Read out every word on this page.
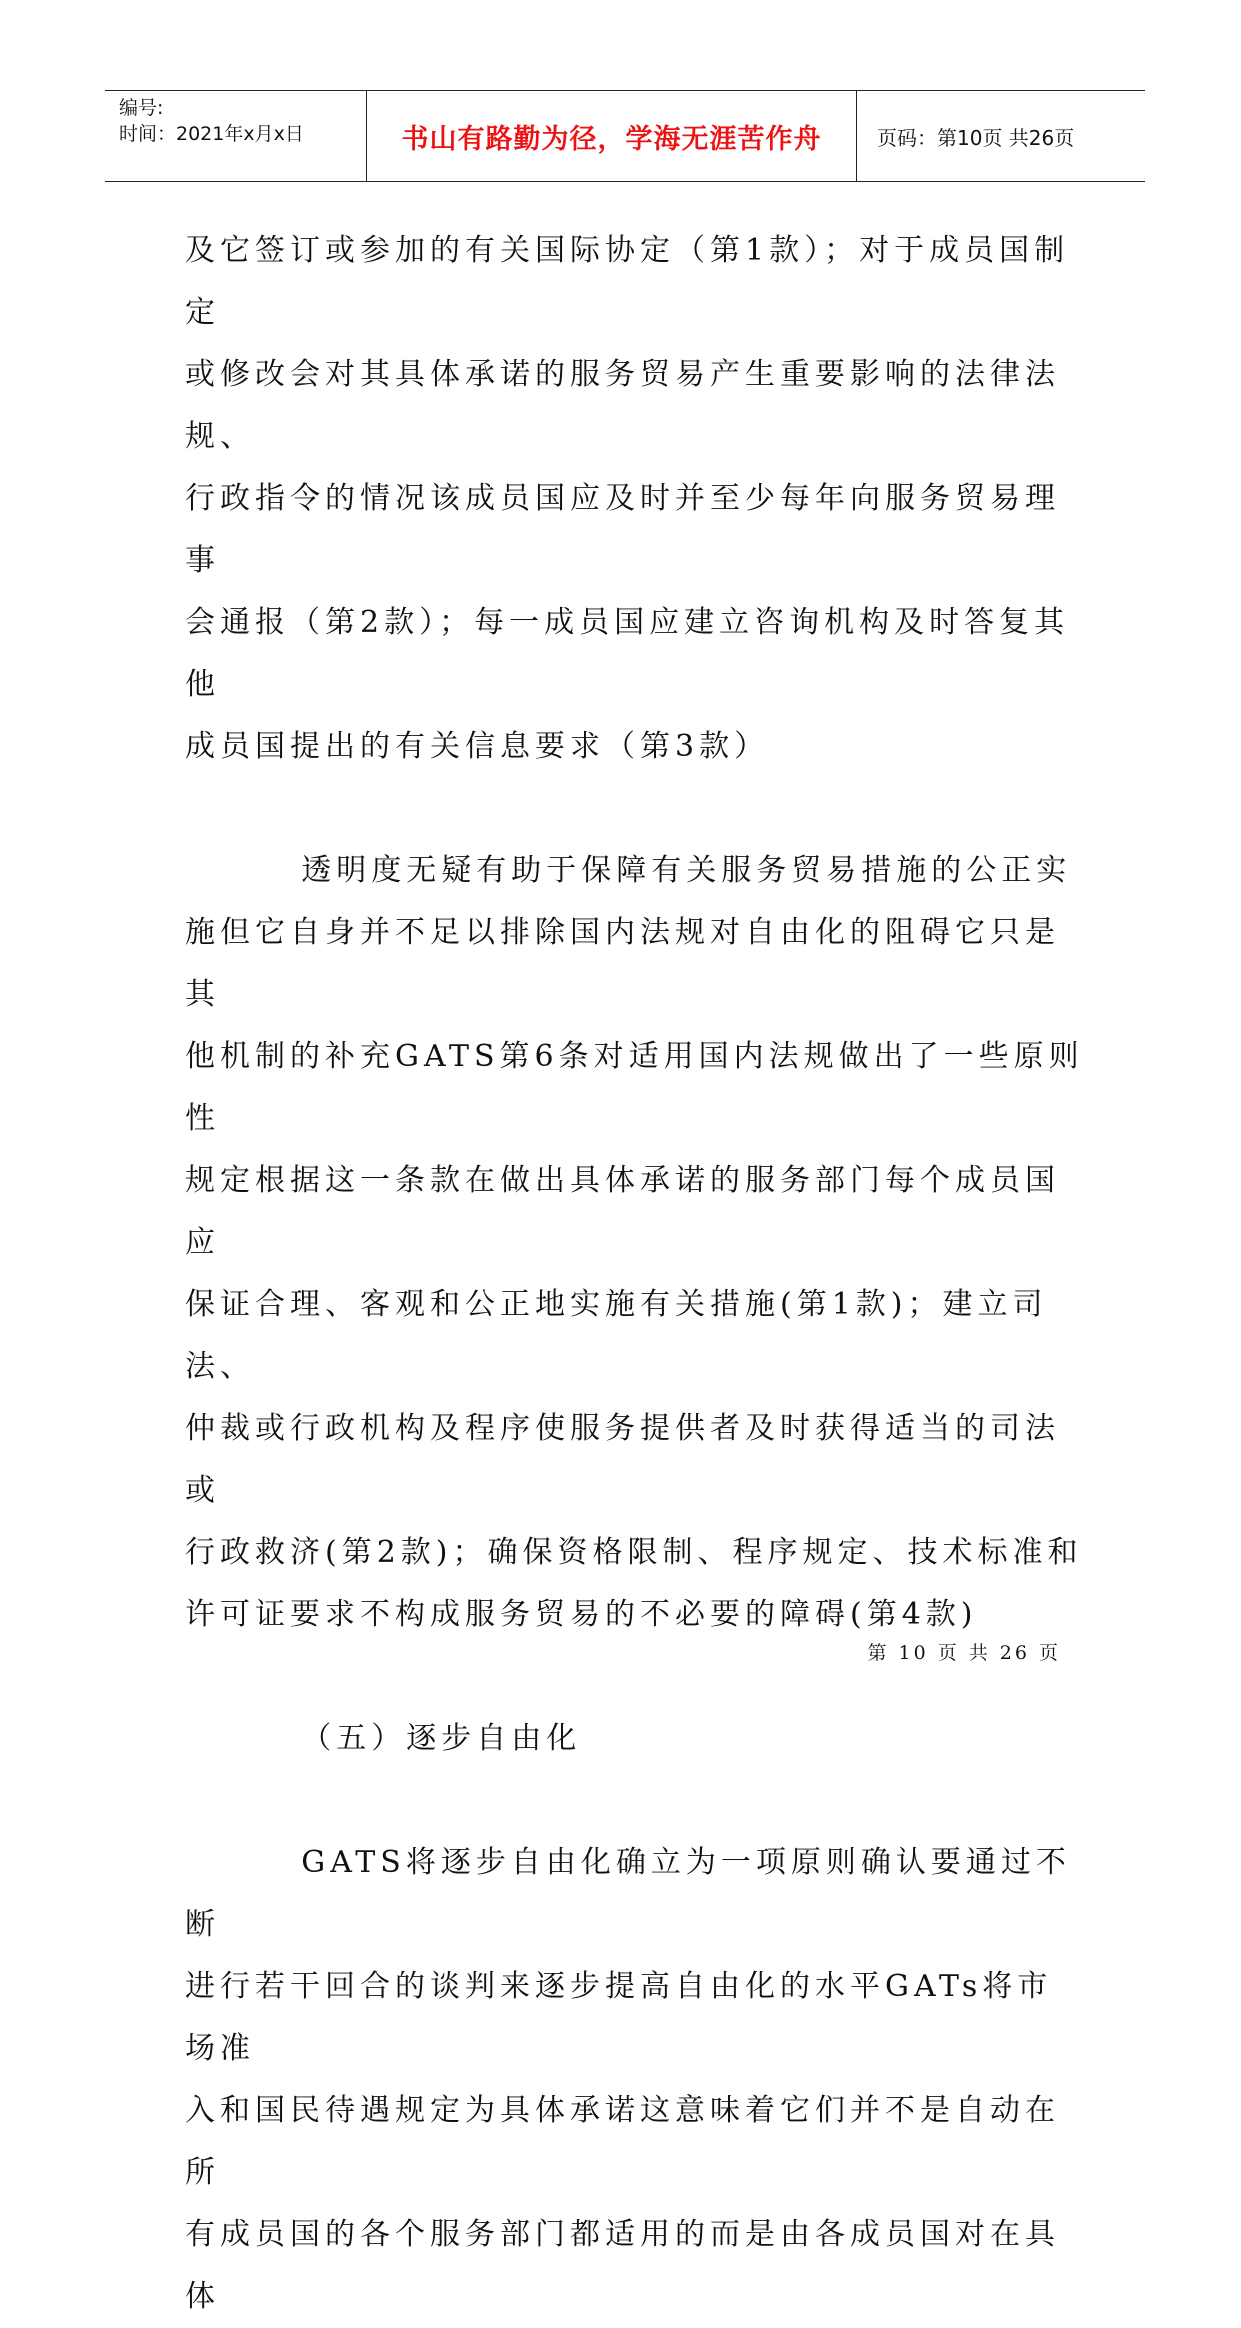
编号:
时间：2021年x月x日	书山有路勤为径，学海无涯苦作舟	页码：第10页 共26页

及它签订或参加的有关国际协定（第1款）；对于成员国制定

或修改会对其具体承诺的服务贸易产生重要影响的法律法规、

行政指令的情况该成员国应及时并至少每年向服务贸易理事

会通报（第2款）；每一成员国应建立咨询机构及时答复其他

成员国提出的有关信息要求（第3款）

透明度无疑有助于保障有关服务贸易措施的公正实

施但它自身并不足以排除国内法规对自由化的阻碍它只是其

他机制的补充GATS第6条对适用国内法规做出了一些原则性

规定根据这一条款在做出具体承诺的服务部门每个成员国应

保证合理、客观和公正地实施有关措施(第1款)；建立司法、

仲裁或行政机构及程序使服务提供者及时获得适当的司法或

行政救济(第2款)；确保资格限制、程序规定、技术标准和

许可证要求不构成服务贸易的不必要的障碍(第4款)

（五）逐步自由化

GATS将逐步自由化确立为一项原则确认要通过不断

进行若干回合的谈判来逐步提高自由化的水平GATs将市场准

入和国民待遇规定为具体承诺这意味着它们并不是自动在所

有成员国的各个服务部门都适用的而是由各成员国对在具体

第 10 页 共 26 页
